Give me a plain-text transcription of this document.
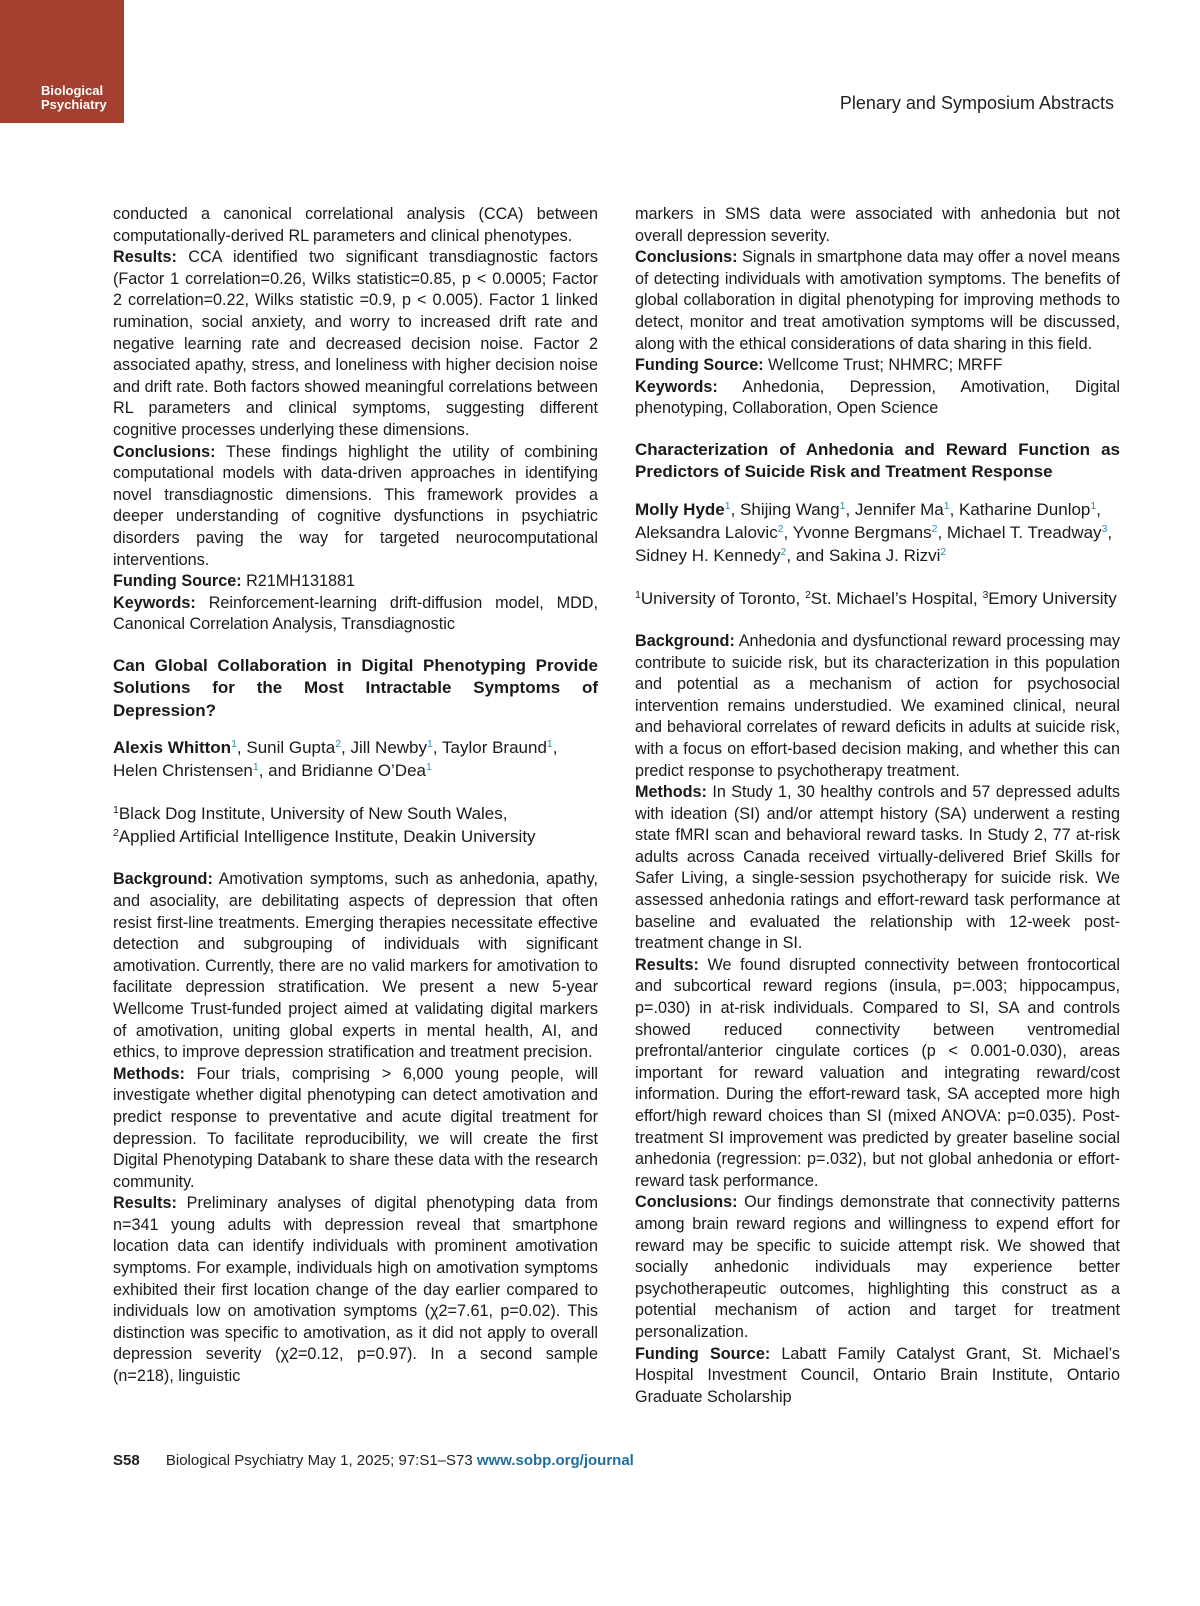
Biological
Psychiatry	Plenary and Symposium Abstracts

conducted a canonical correlational analysis (CCA) between computationally-derived RL parameters and clinical phenotypes.

Results: CCA identified two significant transdiagnostic factors (Factor 1 correlation=0.26, Wilks statistic=0.85, p < 0.0005; Factor 2 correlation=0.22, Wilks statistic =0.9, p < 0.005). Factor 1 linked rumination, social anxiety, and worry to increased drift rate and negative learning rate and decreased decision noise. Factor 2 associated apathy, stress, and loneliness with higher decision noise and drift rate. Both factors showed meaningful correlations between RL parameters and clinical symptoms, suggesting different cognitive processes underlying these dimensions.

Conclusions: These findings highlight the utility of combining computational models with data-driven approaches in identifying novel transdiagnostic dimensions. This framework provides a deeper understanding of cognitive dysfunctions in psychiatric disorders paving the way for targeted neurocomputational interventions.

Funding Source: R21MH131881

Keywords: Reinforcement-learning drift-diffusion model, MDD, Canonical Correlation Analysis, Transdiagnostic

Can Global Collaboration in Digital Phenotyping Provide Solutions for the Most Intractable Symptoms of Depression?
Alexis Whitton$^1$, Sunil Gupta$^2$, Jill Newby$^1$, Taylor Braund$^1$, Helen Christensen$^1$, and Bridianne O’Dea$^1$
$^1$Black Dog Institute, University of New South Wales,
$^2$Applied Artificial Intelligence Institute, Deakin University

Background: Amotivation symptoms, such as anhedonia, apathy, and asociality, are debilitating aspects of depression that often resist first-line treatments. Emerging therapies necessitate effective detection and subgrouping of individuals with significant amotivation. Currently, there are no valid markers for amotivation to facilitate depression stratification. We present a new 5-year Wellcome Trust-funded project aimed at validating digital markers of amotivation, uniting global experts in mental health, AI, and ethics, to improve depression stratification and treatment precision.

Methods: Four trials, comprising > 6,000 young people, will investigate whether digital phenotyping can detect amotivation and predict response to preventative and acute digital treatment for depression. To facilitate reproducibility, we will create the first Digital Phenotyping Databank to share these data with the research community.

Results: Preliminary analyses of digital phenotyping data from n=341 young adults with depression reveal that smartphone location data can identify individuals with prominent amotivation symptoms. For example, individuals high on amotivation symptoms exhibited their first location change of the day earlier compared to individuals low on amotivation symptoms (χ2=7.61, p=0.02). This distinction was specific to amotivation, as it did not apply to overall depression severity (χ2=0.12, p=0.97). In a second sample (n=218), linguistic

markers in SMS data were associated with anhedonia but not overall depression severity.

Conclusions: Signals in smartphone data may offer a novel means of detecting individuals with amotivation symptoms. The benefits of global collaboration in digital phenotyping for improving methods to detect, monitor and treat amotivation symptoms will be discussed, along with the ethical considerations of data sharing in this field.

Funding Source: Wellcome Trust; NHMRC; MRFF

Keywords: Anhedonia, Depression, Amotivation, Digital phenotyping, Collaboration, Open Science

Characterization of Anhedonia and Reward Function as Predictors of Suicide Risk and Treatment Response
Molly Hyde$^1$, Shijing Wang$^1$, Jennifer Ma$^1$, Katharine Dunlop$^1$, Aleksandra Lalovic$^2$, Yvonne Bergmans$^2$, Michael T. Treadway$^3$, Sidney H. Kennedy$^2$, and Sakina J. Rizvi$^2$
$^1$University of Toronto, $^2$St. Michael’s Hospital, $^3$Emory University

Background: Anhedonia and dysfunctional reward processing may contribute to suicide risk, but its characterization in this population and potential as a mechanism of action for psychosocial intervention remains understudied. We examined clinical, neural and behavioral correlates of reward deficits in adults at suicide risk, with a focus on effort-based decision making, and whether this can predict response to psychotherapy treatment.

Methods: In Study 1, 30 healthy controls and 57 depressed adults with ideation (SI) and/or attempt history (SA) underwent a resting state fMRI scan and behavioral reward tasks. In Study 2, 77 at-risk adults across Canada received virtually-delivered Brief Skills for Safer Living, a single-session psychotherapy for suicide risk. We assessed anhedonia ratings and effort-reward task performance at baseline and evaluated the relationship with 12-week post-treatment change in SI.

Results: We found disrupted connectivity between frontocortical and subcortical reward regions (insula, p=.003; hippocampus, p=.030) in at-risk individuals. Compared to SI, SA and controls showed reduced connectivity between ventromedial prefrontal/anterior cingulate cortices (p < 0.001-0.030), areas important for reward valuation and integrating reward/cost information. During the effort-reward task, SA accepted more high effort/high reward choices than SI (mixed ANOVA: p=0.035). Post-treatment SI improvement was predicted by greater baseline social anhedonia (regression: p=.032), but not global anhedonia or effort-reward task performance.

Conclusions: Our findings demonstrate that connectivity patterns among brain reward regions and willingness to expend effort for reward may be specific to suicide attempt risk. We showed that socially anhedonic individuals may experience better psychotherapeutic outcomes, highlighting this construct as a potential mechanism of action and target for treatment personalization.

Funding Source: Labatt Family Catalyst Grant, St. Michael’s Hospital Investment Council, Ontario Brain Institute, Ontario Graduate Scholarship

S58 Biological Psychiatry May 1, 2025; 97:S1–S73 www.sobp.org/journal
